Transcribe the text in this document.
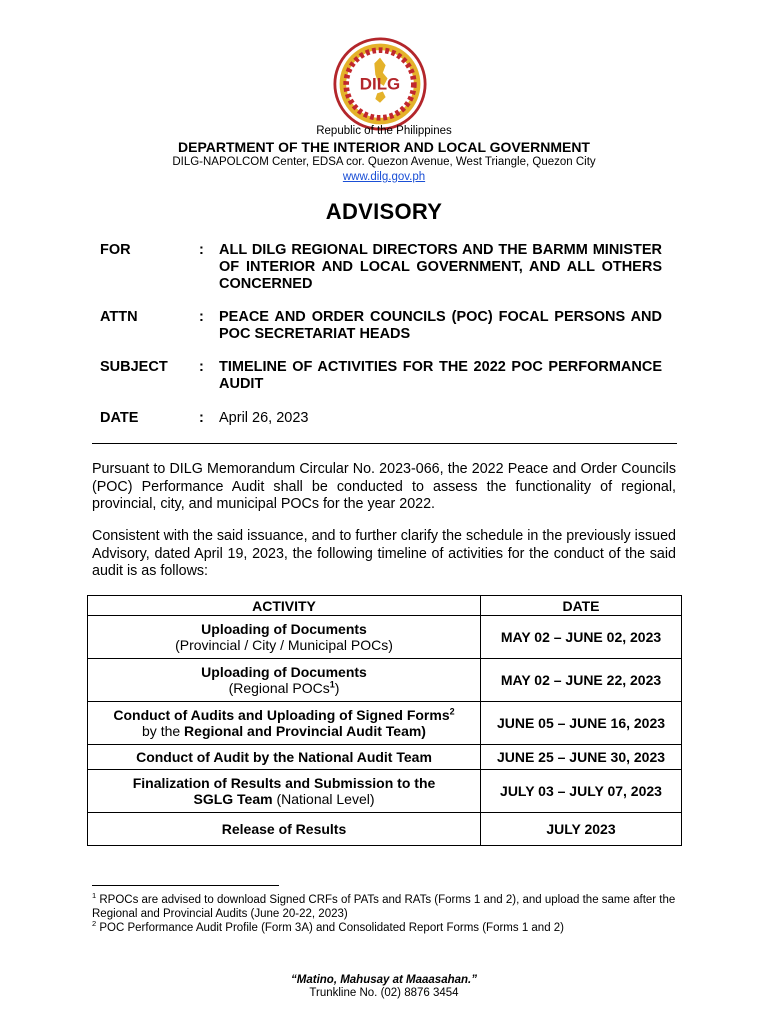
DILG
Republic of the Philippines
DEPARTMENT OF THE INTERIOR AND LOCAL GOVERNMENT
DILG-NAPOLCOM Center, EDSA cor. Quezon Avenue, West Triangle, Quezon City
www.dilg.gov.ph
ADVISORY
FOR	: ALL DILG REGIONAL DIRECTORS AND THE BARMM MINISTER OF INTERIOR AND LOCAL GOVERNMENT, AND ALL OTHERS CONCERNED
ATTN	: PEACE AND ORDER COUNCILS (POC) FOCAL PERSONS AND POC SECRETARIAT HEADS
SUBJECT : TIMELINE OF ACTIVITIES FOR THE 2022 POC PERFORMANCE AUDIT
DATE	: April 26, 2023
Pursuant to DILG Memorandum Circular No. 2023-066, the 2022 Peace and Order Councils (POC) Performance Audit shall be conducted to assess the functionality of regional, provincial, city, and municipal POCs for the year 2022.
Consistent with the said issuance, and to further clarify the schedule in the previously issued Advisory, dated April 19, 2023, the following timeline of activities for the conduct of the said audit is as follows:
ACTIVITY	DATE
Uploading of Documents
(Provincial / City / Municipal POCs)	MAY 02 – JUNE 02, 2023
Uploading of Documents
(Regional POCs$^1$)	MAY 02 – JUNE 22, 2023
Conduct of Audits and Uploading of Signed Forms$^2$
by the Regional and Provincial Audit Team)	JUNE 05 – JUNE 16, 2023
Conduct of Audit by the National Audit Team	JUNE 25 – JUNE 30, 2023
Finalization of Results and Submission to the
SGLG Team (National Level)	JULY 03 – JULY 07, 2023
Release of Results	JULY 2023
$^1$ RPOCs are advised to download Signed CRFs of PATs and RATs (Forms 1 and 2), and upload the same after the Regional and Provincial Audits (June 20-22, 2023)
$^2$ POC Performance Audit Profile (Form 3A) and Consolidated Report Forms (Forms 1 and 2)
“Matino, Mahusay at Maaasahan.”
Trunkline No. (02) 8876 3454
